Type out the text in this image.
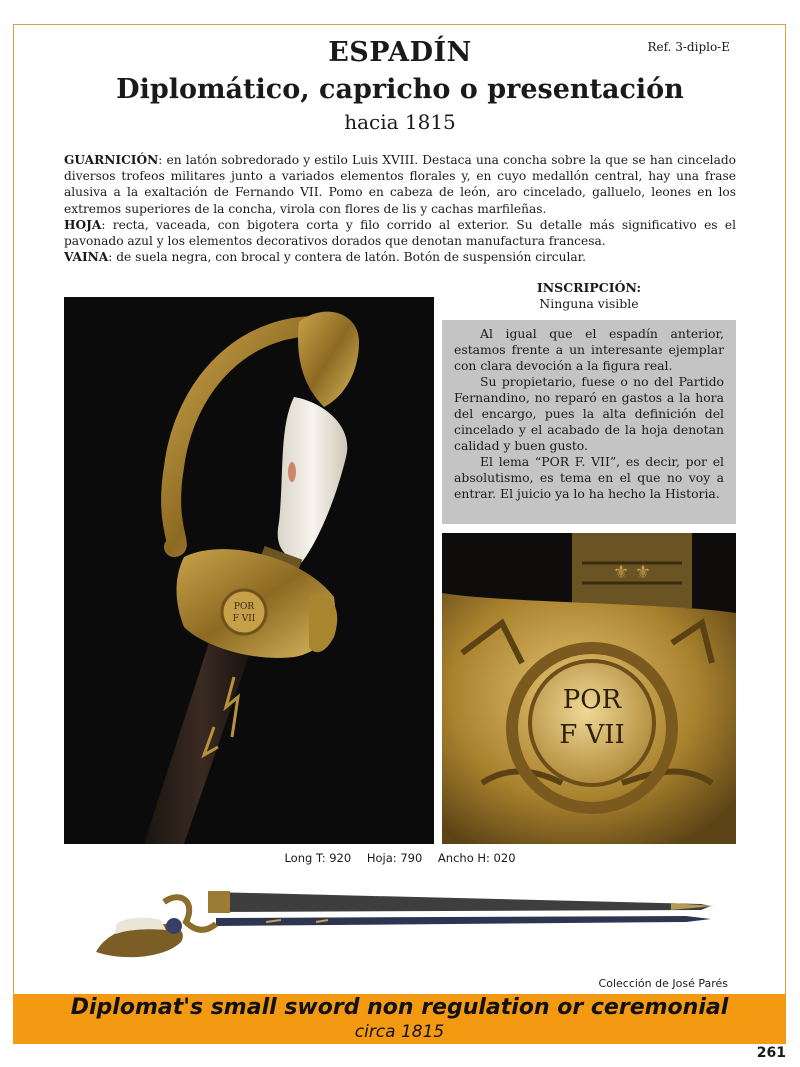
Ref. 3-diplo-E
ESPADÍN
Diplomático, capricho o presentación
hacia 1815
GUARNICIÓN: en latón sobredorado y estilo Luis XVIII. Destaca una concha sobre la que se han cincelado diversos trofeos militares junto a variados elementos florales y, en cuyo medallón central, hay una frase alusiva a la exaltación de Fernando VII. Pomo en cabeza de león, aro cincelado, galluelo, leones en los extremos superiores de la concha, virola con flores de lis y cachas marfileñas.
HOJA: recta, vaceada, con bigotera corta y filo corrido al exterior. Su detalle más significativo es el pavonado azul y los elementos decorativos dorados que denotan manufactura francesa.
VAINA: de suela negra, con brocal y contera de latón. Botón de suspensión circular.
INSCRIPCIÓN:
Ninguna visible

Al igual que el espadín anterior, estamos frente a un interesante ejemplar con clara devoción a la figura real.

Su propietario, fuese o no del Partido Fernandino, no reparó en gastos a la hora del encargo, pues la alta definición del cincelado y el acabado de la hoja denotan calidad y buen gusto.

El lema “POR F. VII”, es decir, por el absolutismo, es tema en el que no voy a entrar. El juicio ya lo ha hecho la Historia.

POR
F VII
⚜ ⚜
POR
F VII
Long T: 920 Hoja: 790 Ancho H: 020
Colección de José Parés
Diplomat's small sword non regulation or ceremonial
circa 1815
261
